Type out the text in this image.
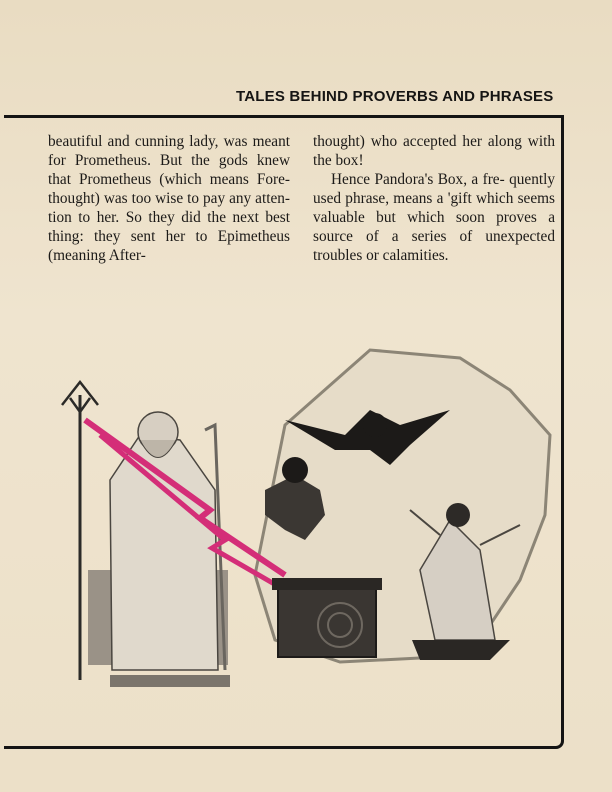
TALES BEHIND PROVERBS AND PHRASES

beautiful and cunning lady, was meant for Prometheus. But the gods knew that Prometheus (which means Fore-thought) was too wise to pay any atten- tion to her. So they did the next best thing: they sent her to Epimetheus (meaning After-

thought) who accepted her along with the box!

Hence Pandora's Box, a fre- quently used phrase, means a 'gift which seems valuable but which soon proves a source of a series of unexpected troubles or calamities.
